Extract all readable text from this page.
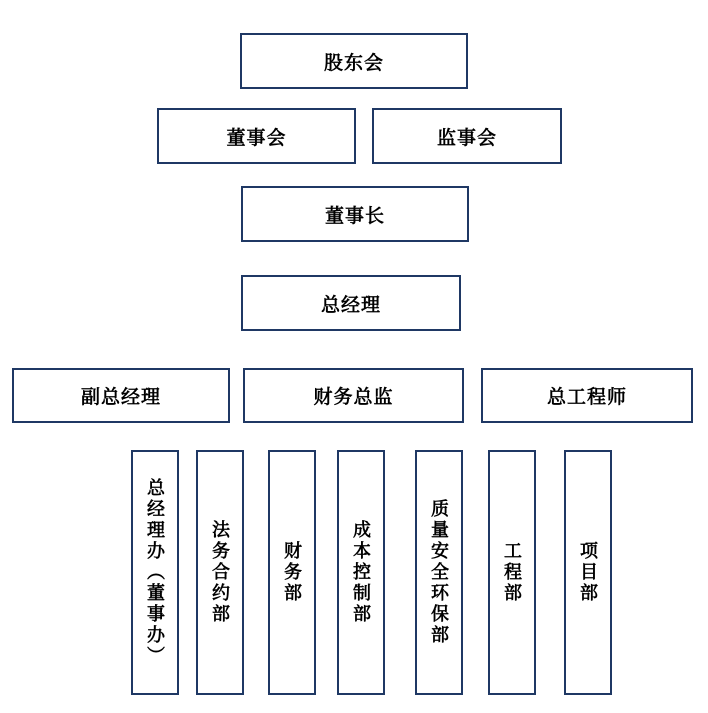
股东会
董事会	监事会
董事长
总经理
副总经理	财务总监	总工程师
总经理办（董事办）	法务合约部	财务部	成本控制部	质量安全环保部	工程部	项目部
